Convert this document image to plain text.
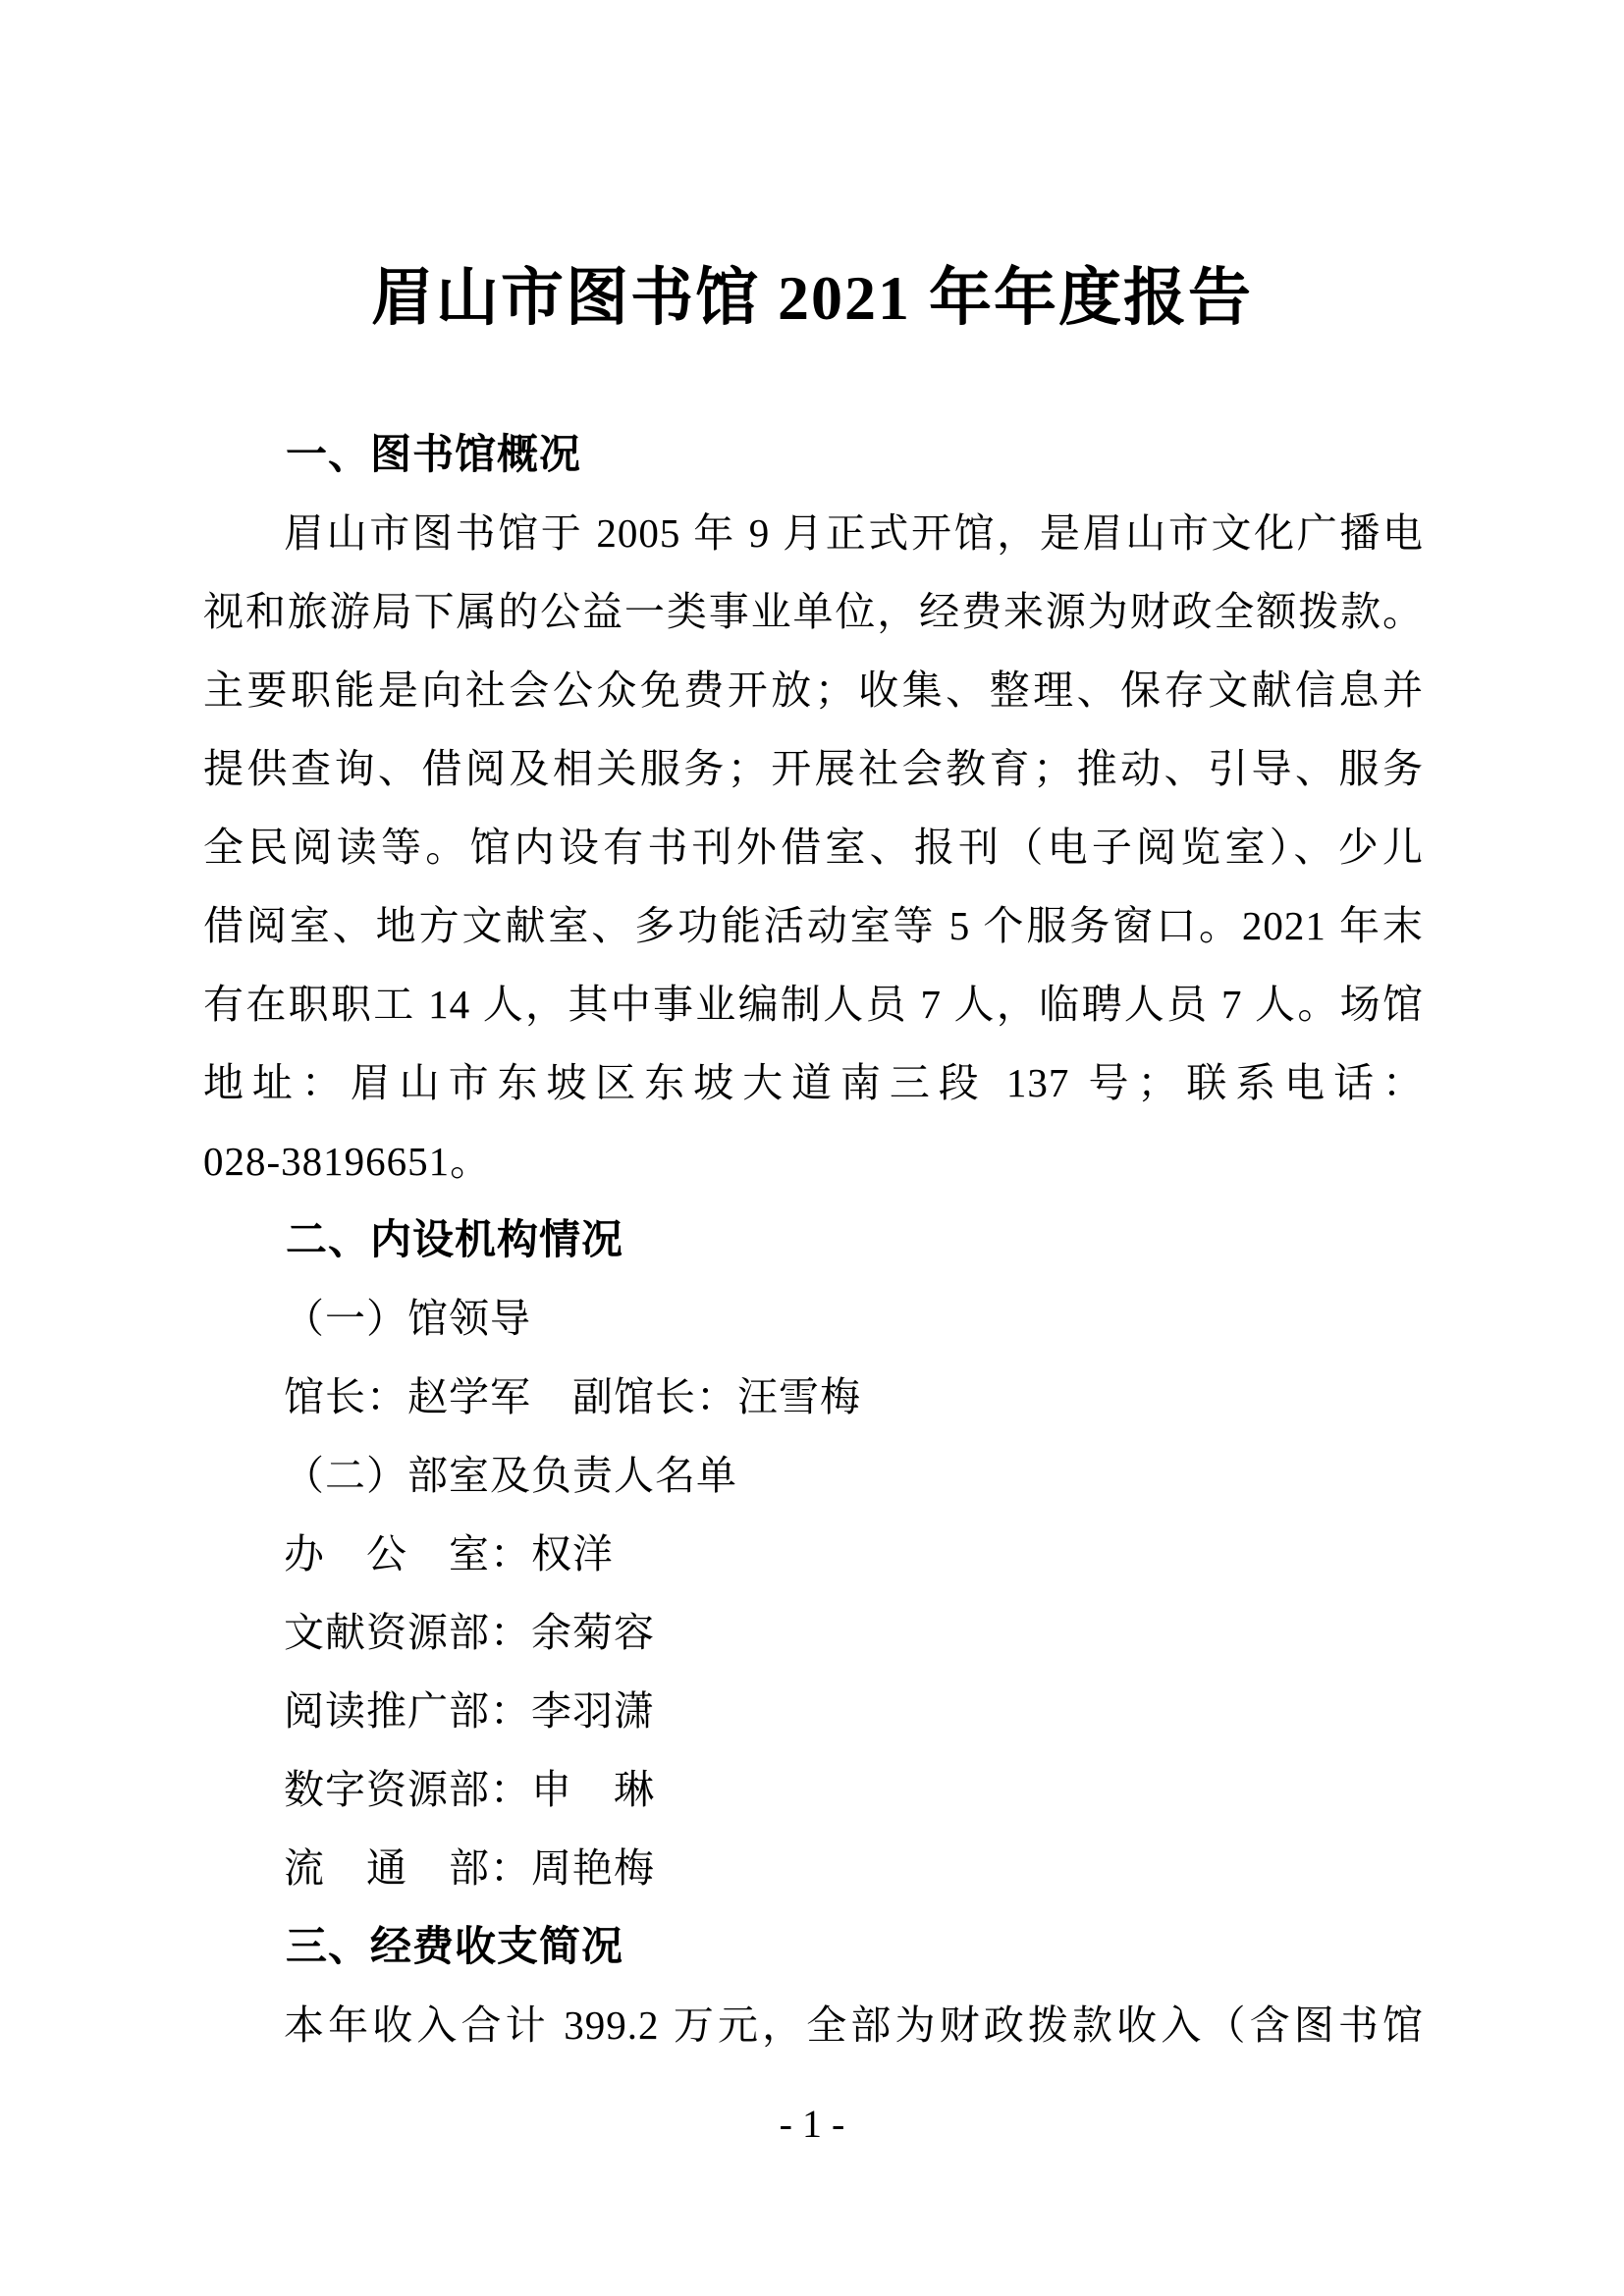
眉山市图书馆 2021 年年度报告
一、图书馆概况
眉山市图书馆于 2005 年 9 月正式开馆，是眉山市文化广播电
视和旅游局下属的公益一类事业单位，经费来源为财政全额拨款。
主要职能是向社会公众免费开放；收集、整理、保存文献信息并
提供查询、借阅及相关服务；开展社会教育；推动、引导、服务
全民阅读等。馆内设有书刊外借室、报刊（电子阅览室）、少儿
借阅室、地方文献室、多功能活动室等 5 个服务窗口。2021 年末
有在职职工 14 人，其中事业编制人员 7 人，临聘人员 7 人。场馆
地址：眉山市东坡区东坡大道南三段 137 号；联系电话：
028-38196651。
二、内设机构情况
（一）馆领导
馆长：赵学军　副馆长：汪雪梅
（二）部室及负责人名单
办　公　室：权洋
文献资源部：余菊容
阅读推广部：李羽潇
数字资源部：申　琳
流　通　部：周艳梅
三、经费收支简况
本年收入合计 399.2 万元，全部为财政拨款收入（含图书馆
- 1 -
